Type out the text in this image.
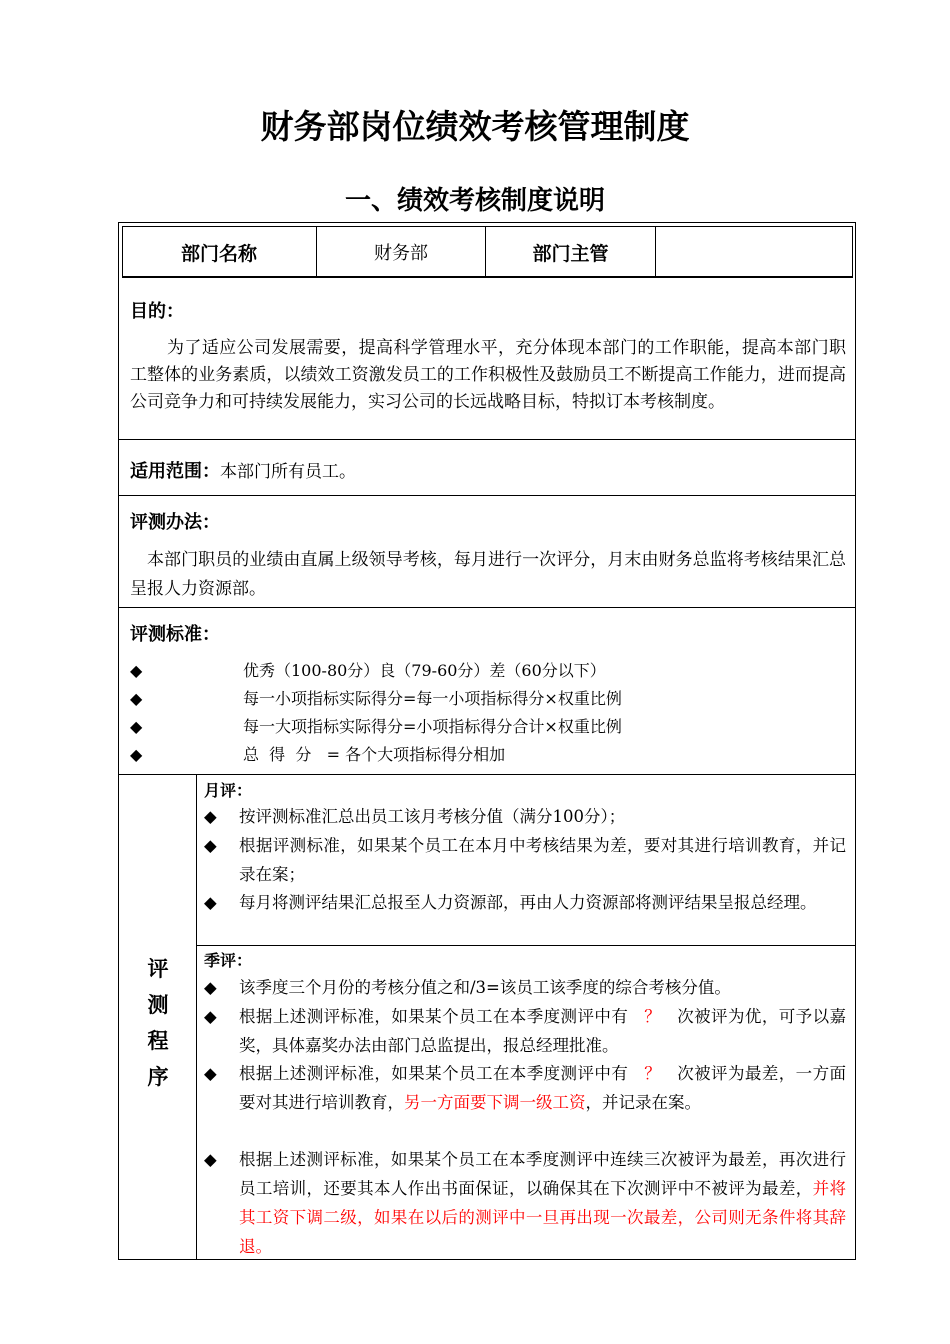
财务部岗位绩效考核管理制度
一、绩效考核制度说明
部门名称	财务部	部门主管
目的：
为了适应公司发展需要，提高科学管理水平，充分体现本部门的工作职能，提高本部门职工整体的业务素质，以绩效工资激发员工的工作积极性及鼓励员工不断提高工作能力，进而提高公司竞争力和可持续发展能力，实习公司的长远战略目标，特拟订本考核制度。
适用范围：本部门所有员工。
评测办法：
本部门职员的业绩由直属上级领导考核，每月进行一次评分，月末由财务总监将考核结果汇总呈报人力资源部。
评测标准：
◆	优秀（100-80分）良（79-60分）差（60分以下）
◆	每一小项指标实际得分=每一小项指标得分×权重比例
◆	每一大项指标实际得分=小项指标得分合计×权重比例
◆	总  得  分   = 各个大项指标得分相加
评
测
程
序
月评：
◆	按评测标准汇总出员工该月考核分值（满分100分）；
◆	根据评测标准，如果某个员工在本月中考核结果为差，要对其进行培训教育，并记录在案；
◆	每月将测评结果汇总报至人力资源部，再由人力资源部将测评结果呈报总经理。
季评：
◆	该季度三个月份的考核分值之和/3=该员工该季度的综合考核分值。
◆	根据上述测评标准，如果某个员工在本季度测评中有 ？ 次被评为优，可予以嘉奖，具体嘉奖办法由部门总监提出，报总经理批准。
◆	根据上述测评标准，如果某个员工在本季度测评中有 ？ 次被评为最差，一方面要对其进行培训教育，另一方面要下调一级工资，并记录在案。
◆	根据上述测评标准，如果某个员工在本季度测评中连续三次被评为最差，再次进行员工培训，还要其本人作出书面保证，以确保其在下次测评中不被评为最差，并将其工资下调二级，如果在以后的测评中一旦再出现一次最差，公司则无条件将其辞退。
